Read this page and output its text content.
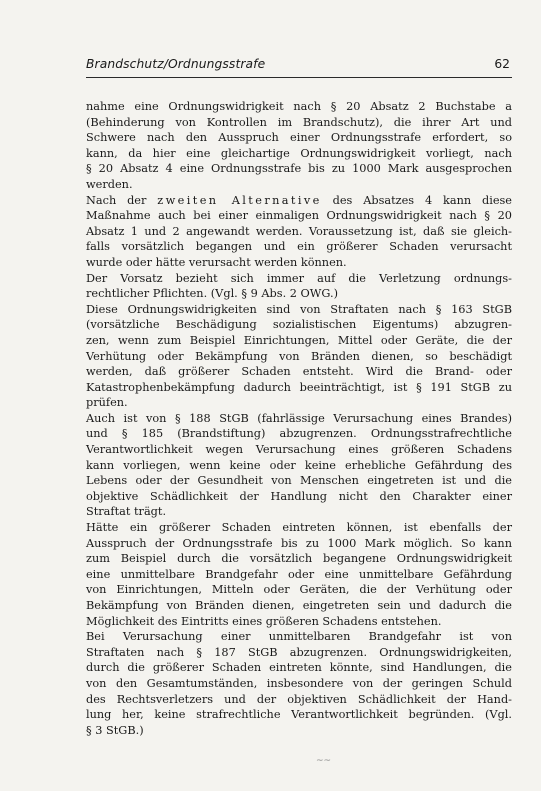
Brandschutz/Ordnungsstrafe	62
nahme eine Ordnungswidrigkeit nach § 20 Absatz 2 Buchstabe a
(Behinderung von Kontrollen im Brandschutz), die ihrer Art und
Schwere nach den Ausspruch einer Ordnungsstrafe erfordert, so
kann, da hier eine gleichartige Ordnungswidrigkeit vorliegt, nach
§ 20 Absatz 4 eine Ordnungsstrafe bis zu 1000 Mark ausgesprochen
werden.
Nach der zweiten Alternative des Absatzes 4 kann diese
Maßnahme auch bei einer einmaligen Ordnungswidrigkeit nach § 20
Absatz 1 und 2 angewandt werden. Voraussetzung ist, daß sie gleich-
falls vorsätzlich begangen und ein größerer Schaden verursacht
wurde oder hätte verursacht werden können.
Der Vorsatz bezieht sich immer auf die Verletzung ordnungs-
rechtlicher Pflichten. (Vgl. § 9 Abs. 2 OWG.)
Diese Ordnungswidrigkeiten sind von Straftaten nach § 163 StGB
(vorsätzliche Beschädigung sozialistischen Eigentums) abzugren-
zen, wenn zum Beispiel Einrichtungen, Mittel oder Geräte, die der
Verhütung oder Bekämpfung von Bränden dienen, so beschädigt
werden, daß größerer Schaden entsteht. Wird die Brand- oder
Katastrophenbekämpfung dadurch beeinträchtigt, ist § 191 StGB zu
prüfen.
Auch ist von § 188 StGB (fahrlässige Verursachung eines Brandes)
und § 185 (Brandstiftung) abzugrenzen. Ordnungsstrafrechtliche
Verantwortlichkeit wegen Verursachung eines größeren Schadens
kann vorliegen, wenn keine oder keine erhebliche Gefährdung des
Lebens oder der Gesundheit von Menschen eingetreten ist und die
objektive Schädlichkeit der Handlung nicht den Charakter einer
Straftat trägt.
Hätte ein größerer Schaden eintreten können, ist ebenfalls der
Ausspruch der Ordnungsstrafe bis zu 1000 Mark möglich. So kann
zum Beispiel durch die vorsätzlich begangene Ordnungswidrigkeit
eine unmittelbare Brandgefahr oder eine unmittelbare Gefährdung
von Einrichtungen, Mitteln oder Geräten, die der Verhütung oder
Bekämpfung von Bränden dienen, eingetreten sein und dadurch die
Möglichkeit des Eintritts eines größeren Schadens entstehen.
Bei Verursachung einer unmittelbaren Brandgefahr ist von
Straftaten nach § 187 StGB abzugrenzen. Ordnungswidrigkeiten,
durch die größerer Schaden eintreten könnte, sind Handlungen, die
von den Gesamtumständen, insbesondere von der geringen Schuld
des Rechtsverletzers und der objektiven Schädlichkeit der Hand-
lung her, keine strafrechtliche Verantwortlichkeit begründen. (Vgl.
§ 3 StGB.)
~~
